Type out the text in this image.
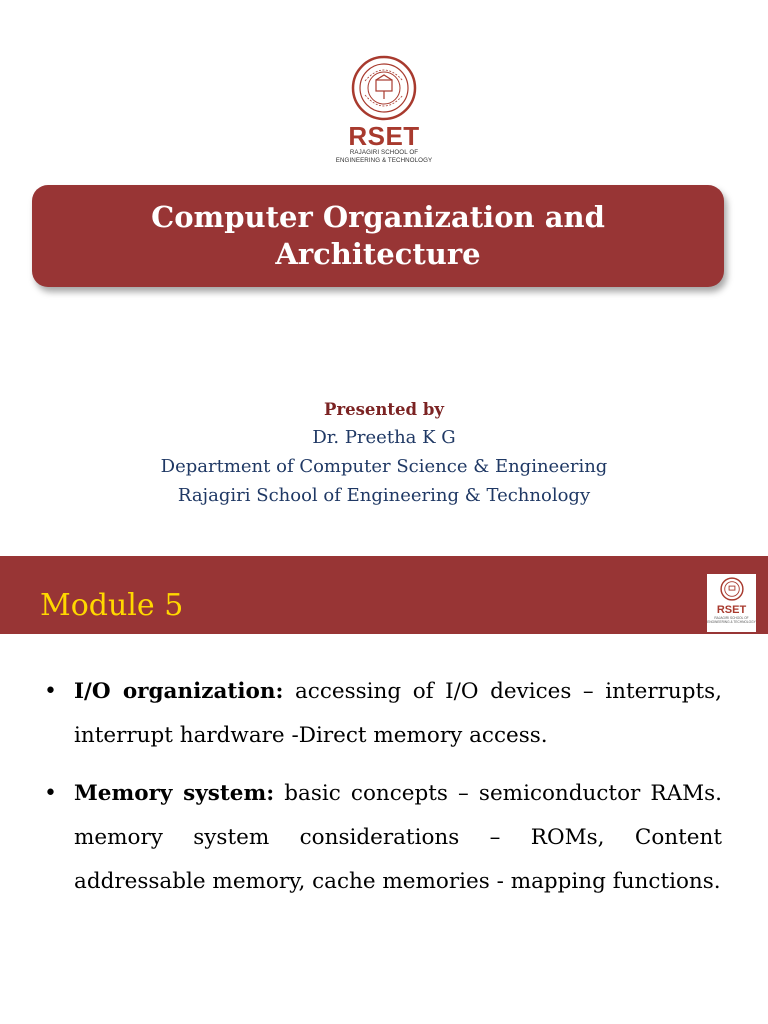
RSET
RAJAGIRI SCHOOL OF
ENGINEERING & TECHNOLOGY
Computer Organization and
Architecture
Presented by
Dr. Preetha K G
Department of Computer Science & Engineering
Rajagiri School of Engineering & Technology
Module 5	RSET
RAJAGIRI SCHOOL OF
ENGINEERING & TECHNOLOGY
• I/O organization: accessing of I/O devices – interrupts, interrupt hardware -Direct memory access.
• Memory system: basic concepts – semiconductor RAMs. memory system considerations – ROMs, Content addressable memory, cache memories - mapping functions.
